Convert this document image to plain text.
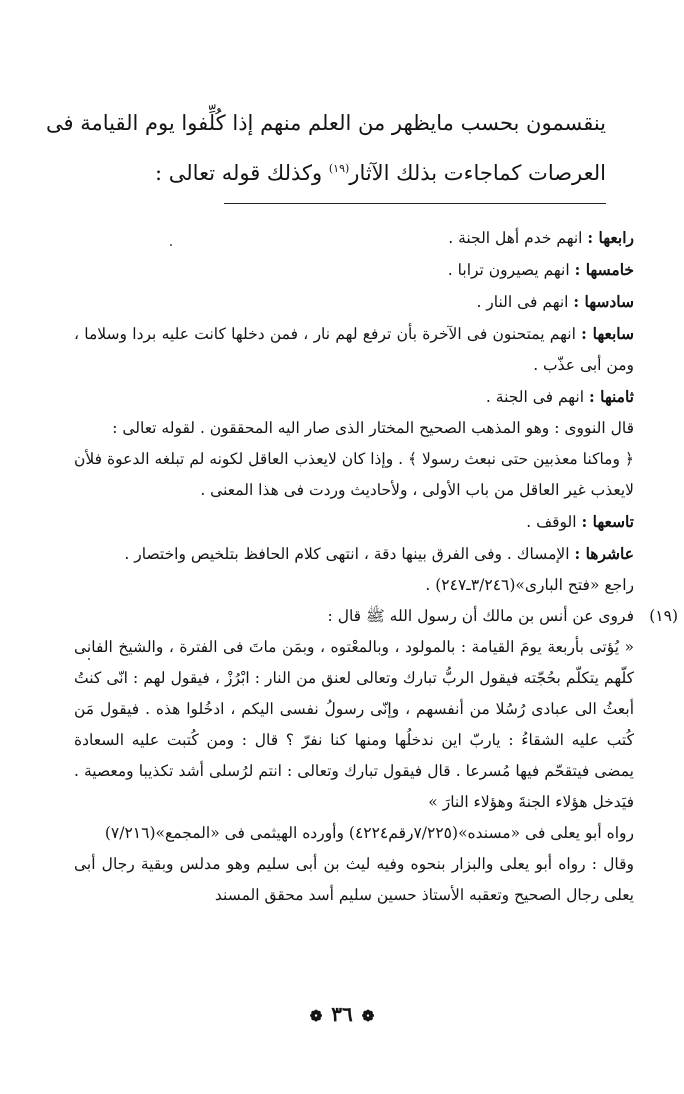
ينقسمون بحسب مايظهر من العلم منهم إذا كُلِّفوا يوم القيامة فى العرصات كماجاءت بذلك الآثار$^{(١٩)}$ وكذلك قوله تعالى :

رابعها : انهم خدم أهل الجنة .

خامسها : انهم يصيرون ترابا .

سادسها : انهم فى النار .

سابعها : انهم يمتحنون فى الآخرة بأن ترفع لهم نار ، فمن دخلها كانت عليه بردا وسلاما ، ومن أبى عذّب .

ثامنها : انهم فى الجنة .

قال النووى : وهو المذهب الصحيح المختار الذى صار اليه المحققون . لقوله تعالى :

﴿ وماكنا معذبين حتى نبعث رسولا ﴾ . وإذا كان لايعذب العاقل لكونه لم تبلغه الدعوة فلأن لايعذب غير العاقل من باب الأولى ، ولأحاديث وردت فى هذا المعنى .

تاسعها : الوقف .

عاشرها : الإمساك . وفى الفرق بينها دقة ، انتهى كلام الحافظ بتلخيص واختصار .

راجع «فتح البارى»(٣/٢٤٦ـ٢٤٧) .

(١٩)
فروى عن أنس بن مالك أن رسول الله ﷺ قال :

« يُؤتى بأربعة يومَ القيامة : بالمولود ، وبالمعْتوه ، وبمَن ماتَ فى الفترة ، والشيخ الفانى كلّهم يتكلّم بحُجّته فيقول الربُّ تبارك وتعالى لعنق من النار : ابْرُزْ ، فيقول لهم : انّى كنتُ أبعثُ الى عبادى رُسُلا من أنفسهم ، وإنّى رسولُ نفسى اليكم ، ادخُلوا هذه . فيقول مَن كُتب عليه الشقاءُ : ياربّ اين ندخلُها ومنها كنا نفرّ ؟ قال : ومن كُتبت عليه السعادة يمضى فيتقحّم فيها مُسرعا . قال فيقول تبارك وتعالى : انتم لرُسلى أشد تكذيبا ومعصية . فيَدخل هؤلاء الجنةَ وهؤلاء النارَ »

رواه أبو يعلى فى «مسنده»(٧/٢٢٥رقم٤٢٢٤) وأورده الهيثمى فى «المجمع»(٧/٢١٦)

وقال : رواه أبو يعلى والبزار بنحوه وفيه ليث بن أبى سليم وهو مدلس وبقية رجال أبى يعلى رجال الصحيح وتعقبه الأستاذ حسين سليم أسد محقق المسند

❁ ٣٦ ❁
